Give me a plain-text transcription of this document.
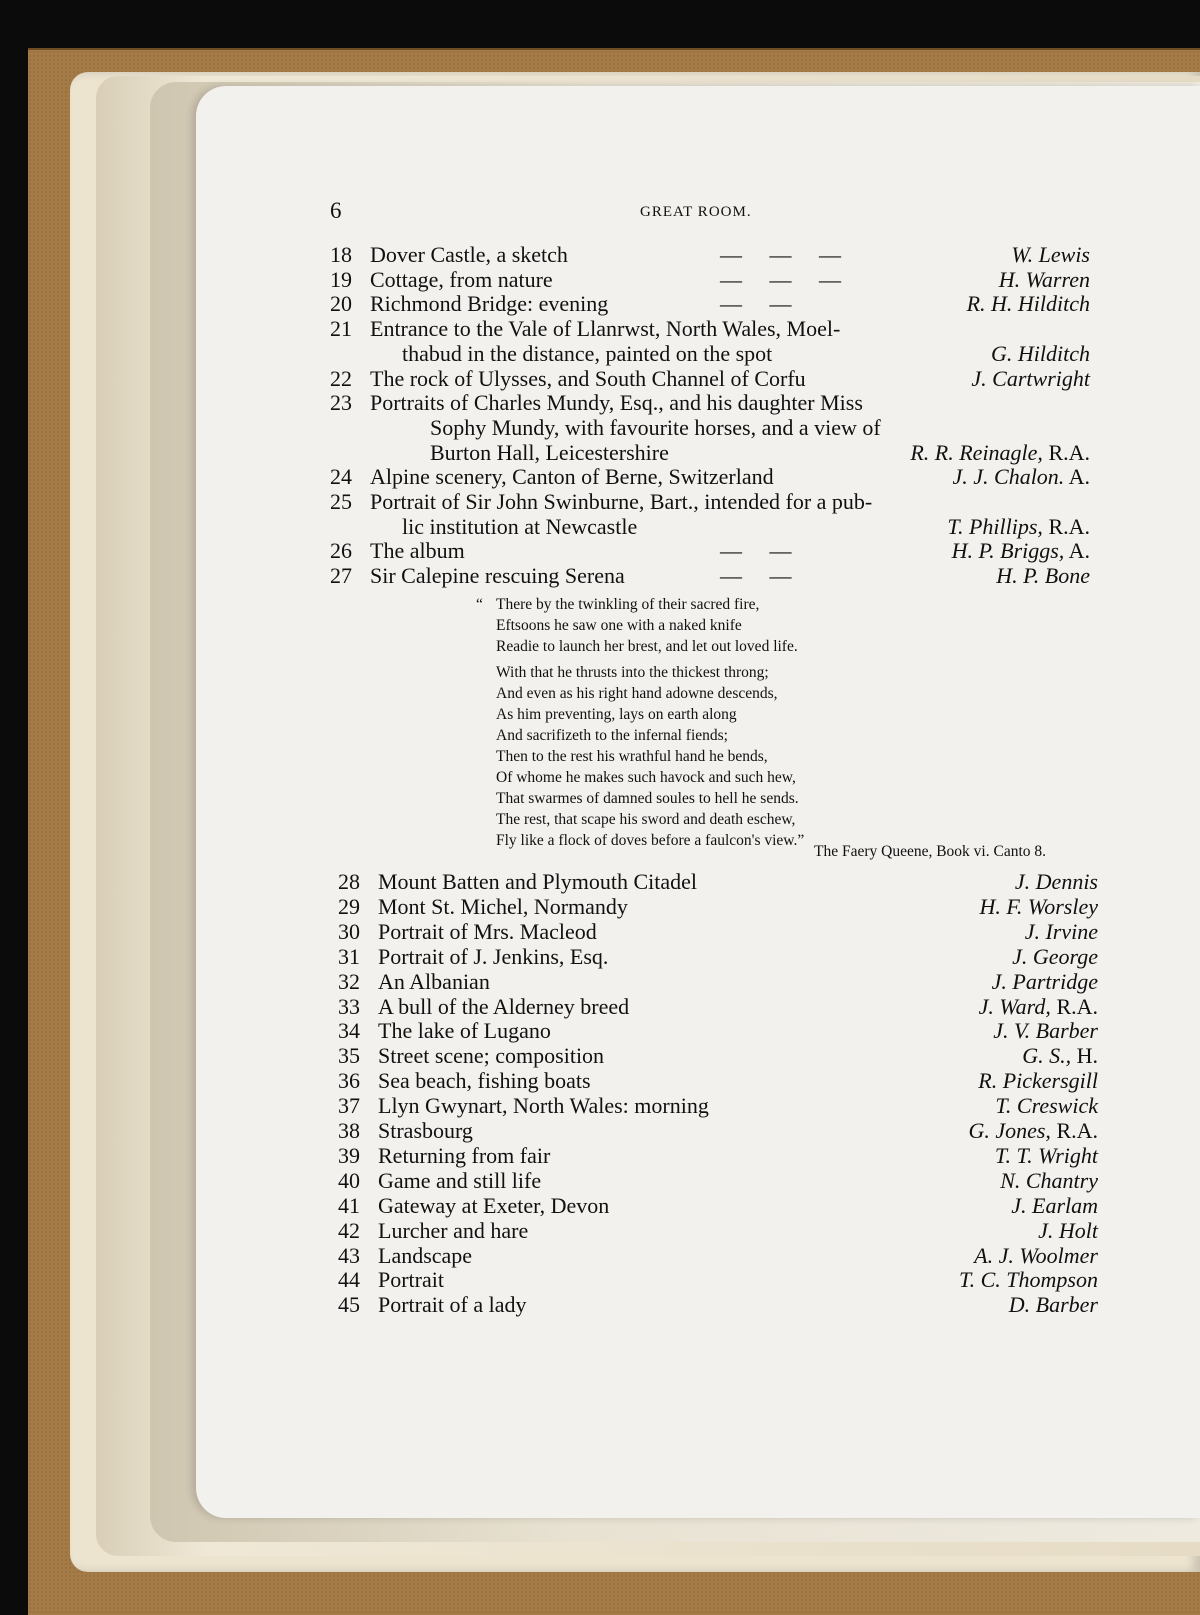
6	GREAT ROOM.
18 Dover Castle, a sketch	—     —     —	W. Lewis
19 Cottage, from nature	—     —     —	H. Warren
20 Richmond Bridge: evening	—     —	R. H. Hilditch
21 Entrance to the Vale of Llanrwst, North Wales, Moel-
thabud in the distance, painted on the spot	G. Hilditch
22 The rock of Ulysses, and South Channel of Corfu	J. Cartwright
23 Portraits of Charles Mundy, Esq., and his daughter Miss
Sophy Mundy, with favourite horses, and a view of
Burton Hall, Leicestershire	R. R. Reinagle, R.A.
24 Alpine scenery, Canton of Berne, Switzerland	J. J. Chalon. A.
25 Portrait of Sir John Swinburne, Bart., intended for a pub-
lic institution at Newcastle	T. Phillips, R.A.
26 The album	—     —	H. P. Briggs, A.
27 Sir Calepine rescuing Serena	—     —	H. P. Bone
“ There by the twinkling of their sacred fire,
Eftsoons he saw one with a naked knife
Readie to launch her brest, and let out loved life.
With that he thrusts into the thickest throng;
And even as his right hand adowne descends,
As him preventing, lays on earth along
And sacrifizeth to the infernal fiends;
Then to the rest his wrathful hand he bends,
Of whome he makes such havock and such hew,
That swarmes of damned soules to hell he sends.
The rest, that scape his sword and death eschew,
Fly like a flock of doves before a faulcon's view.”
The Faery Queene, Book vi. Canto 8.
28 Mount Batten and Plymouth Citadel	J. Dennis
29 Mont St. Michel, Normandy	H. F. Worsley
30 Portrait of Mrs. Macleod	J. Irvine
31 Portrait of J. Jenkins, Esq.	J. George
32 An Albanian	J. Partridge
33 A bull of the Alderney breed	J. Ward, R.A.
34 The lake of Lugano	J. V. Barber
35 Street scene; composition	G. S., H.
36 Sea beach, fishing boats	R. Pickersgill
37 Llyn Gwynart, North Wales: morning	T. Creswick
38 Strasbourg	G. Jones, R.A.
39 Returning from fair	T. T. Wright
40 Game and still life	N. Chantry
41 Gateway at Exeter, Devon	J. Earlam
42 Lurcher and hare	J. Holt
43 Landscape	A. J. Woolmer
44 Portrait	T. C. Thompson
45 Portrait of a lady	D. Barber
